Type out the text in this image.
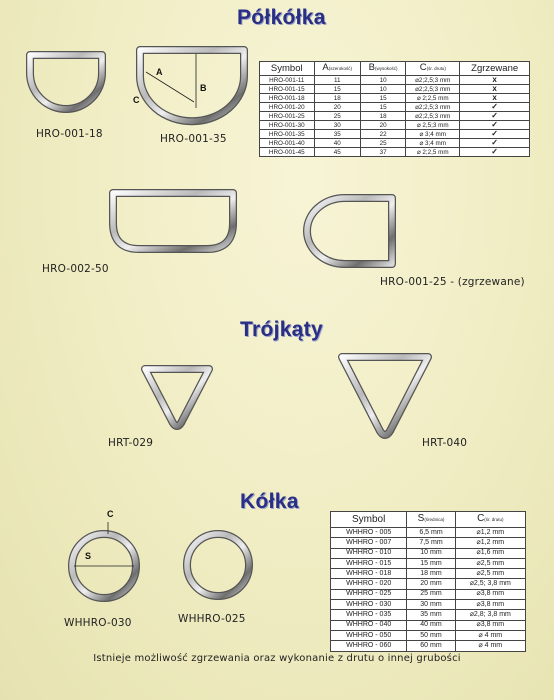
Półkółka
Trójkąty
Kółka
HRO-001-18
A
B
C
HRO-001-35
Symbol	A(szerokość)	B(wysokość)	C(śr. drutu)	Zgrzewane
HRO-001-11	11	10	⌀2;2,5;3 mm	x
HRO-001-15	15	10	⌀2;2,5;3 mm	x
HRO-001-18	18	15	⌀ 2;2,5 mm	x
HRO-001-20	20	15	⌀2;2,5;3 mm	✓
HRO-001-25	25	18	⌀2;2,5;3 mm	✓
HRO-001-30	30	20	⌀ 2,5;3 mm	✓
HRO-001-35	35	22	⌀ 3;4 mm	✓
HRO-001-40	40	25	⌀ 3;4 mm	✓
HRO-001-45	45	37	⌀ 2;2,5 mm	✓
HRO-002-50
HRO-001-25 - (zgrzewane)
HRT-029	HRT-040
C
S
WHHRO-030	WHHRO-025
Symbol	S(średnica)	C(śr. drutu)
WHHRO - 005	6,5 mm	⌀1,2 mm
WHHRO - 007	7,5 mm	⌀1,2 mm
WHHRO - 010	10 mm	⌀1,6 mm
WHHRO - 015	15 mm	⌀2,5 mm
WHHRO - 018	18 mm	⌀2,5 mm
WHHRO - 020	20 mm	⌀2,5; 3,8 mm
WHHRO - 025	25 mm	⌀3,8 mm
WHHRO - 030	30 mm	⌀3,8 mm
WHHRO - 035	35 mm	⌀2,8; 3,8 mm
WHHRO - 040	40 mm	⌀3,8 mm
WHHRO - 050	50 mm	⌀ 4 mm
WHHRO - 060	60 mm	⌀ 4 mm
Istnieje możliwość zgrzewania oraz wykonanie z drutu o innej grubości
